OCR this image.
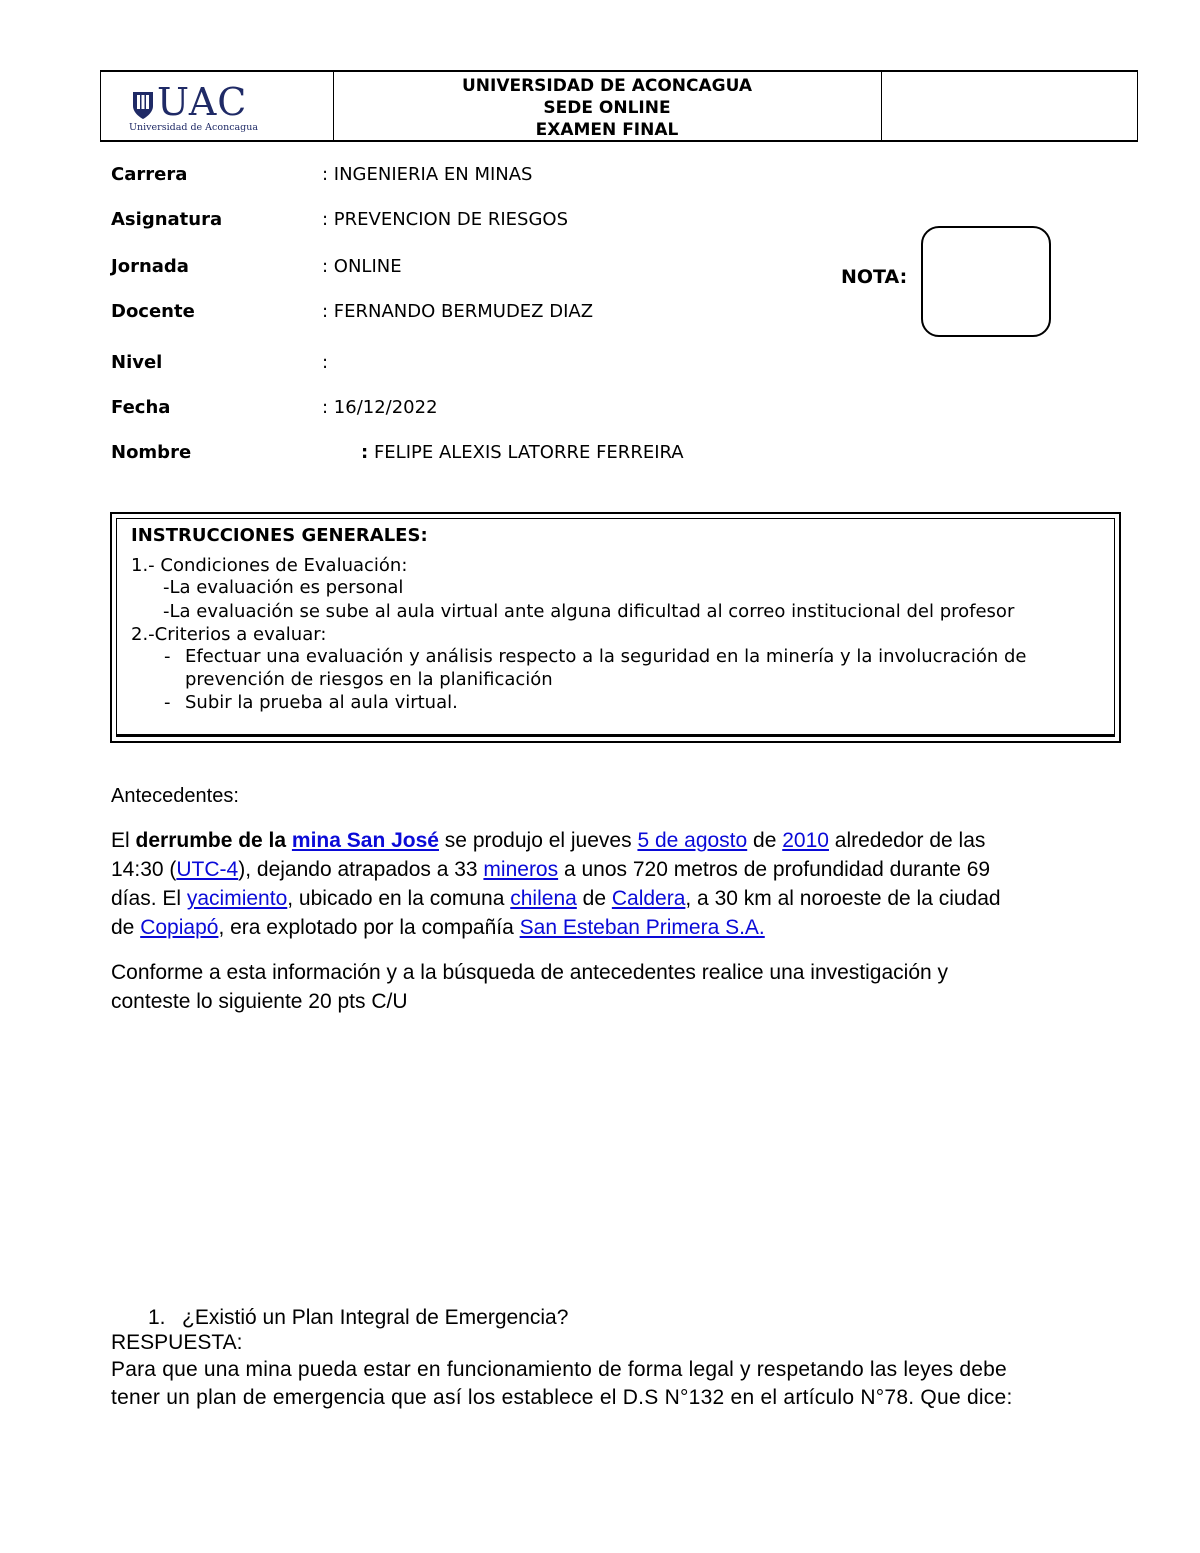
UAC
Universidad de Aconcagua
UNIVERSIDAD DE ACONCAGUA
SEDE ONLINE
EXAMEN FINAL
Carrera	: INGENIERIA EN MINAS
Asignatura	: PREVENCION DE RIESGOS
Jornada	: ONLINE
Docente	: FERNANDO BERMUDEZ DIAZ
Nivel	:
Fecha	: 16/12/2022
Nombre	: FELIPE ALEXIS LATORRE FERREIRA
NOTA:
INSTRUCCIONES GENERALES:
1.- Condiciones de Evaluación:
-La evaluación es personal
-La evaluación se sube al aula virtual ante alguna dificultad al correo institucional del profesor
2.-Criterios a evaluar:
- Efectuar una evaluación y análisis respecto a la seguridad en la minería y la involucración de
prevención de riesgos en la planificación
- Subir la prueba al aula virtual.
Antecedentes:
El derrumbe de la mina San José se produjo el jueves 5 de agosto de 2010 alrededor de las
14:30 (UTC-4), dejando atrapados a 33 mineros a unos 720 metros de profundidad durante 69
días. El yacimiento, ubicado en la comuna chilena de Caldera, a 30 km al noroeste de la ciudad
de Copiapó, era explotado por la compañía San Esteban Primera S.A.
Conforme a esta información y a la búsqueda de antecedentes realice una investigación y
conteste lo siguiente 20 pts C/U
1. ¿Existió un Plan Integral de Emergencia?
RESPUESTA:
Para que una mina pueda estar en funcionamiento de forma legal y respetando las leyes debe
tener un plan de emergencia que así los establece el D.S N°132 en el artículo N°78. Que dice:
